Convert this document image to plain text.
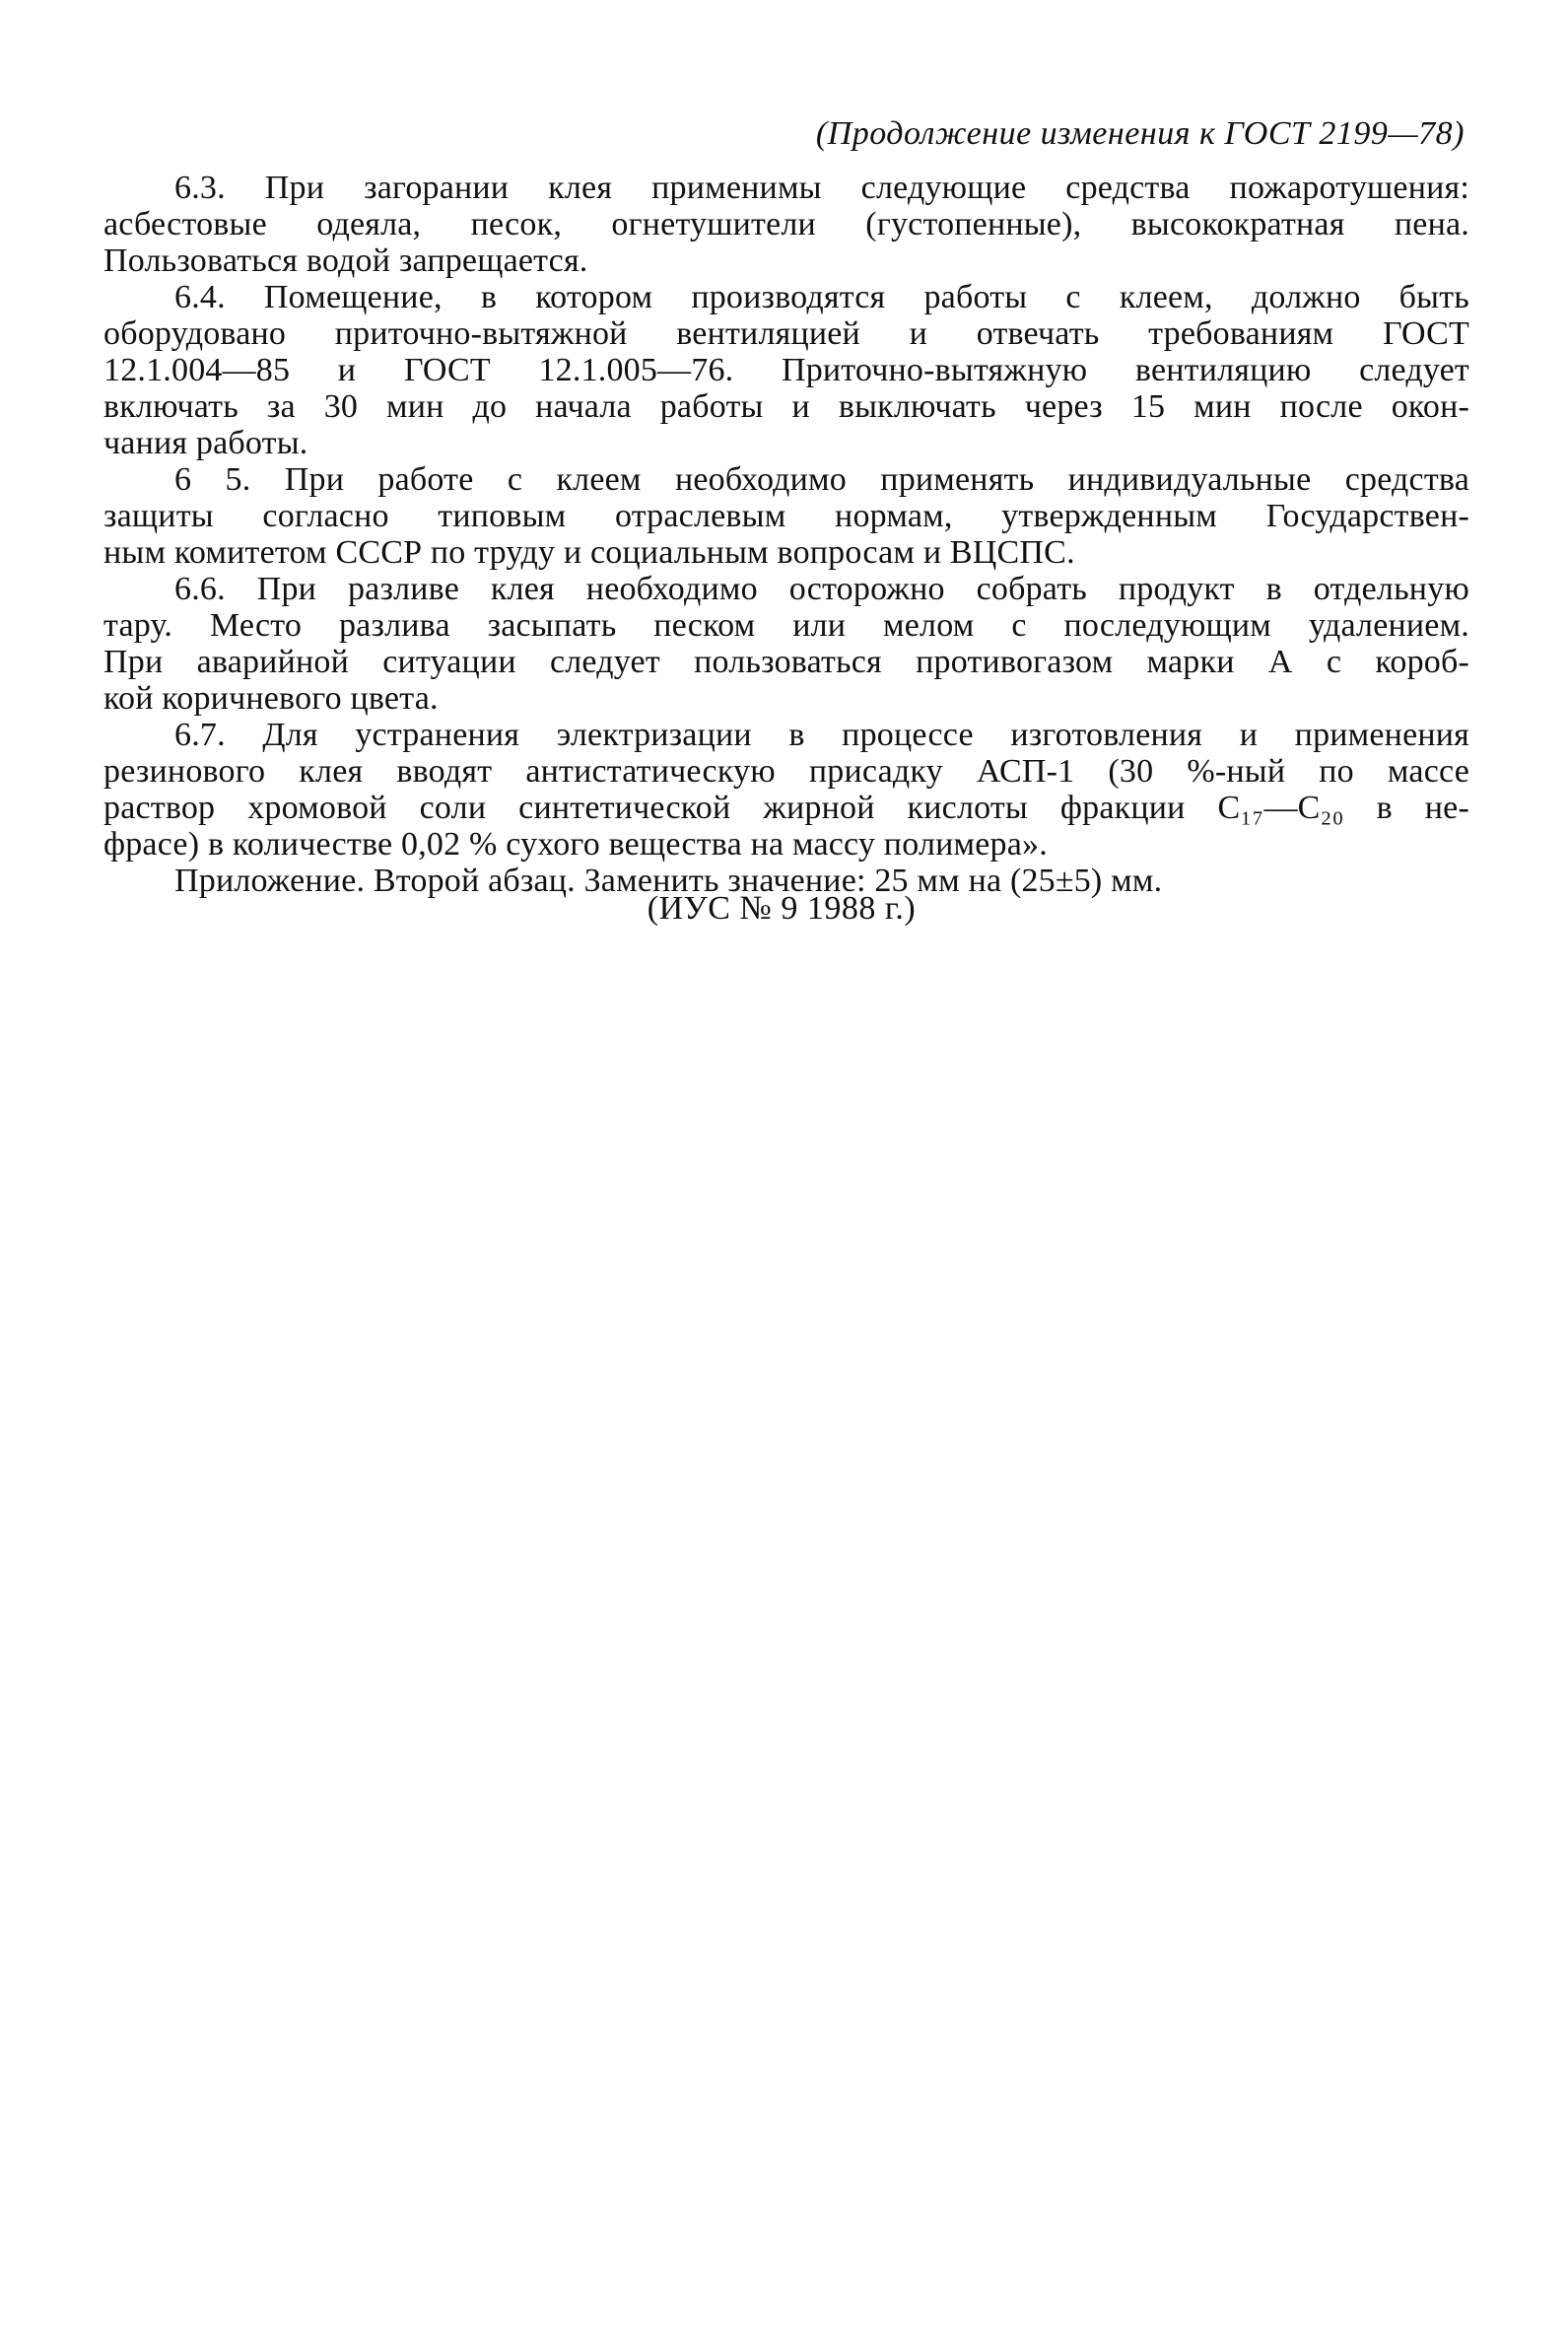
(Продолжение изменения к ГОСТ 2199—78)
6.3. При загорании клея применимы следующие средства пожаротушения:
асбестовые одеяла, песок, огнетушители (густопенные), высокократная пена.
Пользоваться водой запрещается.
6.4. Помещение, в котором производятся работы с клеем, должно быть
оборудовано приточно-вытяжной вентиляцией и отвечать требованиям ГОСТ
12.1.004—85 и ГОСТ 12.1.005—76. Приточно-вытяжную вентиляцию следует
включать за 30 мин до начала работы и выключать через 15 мин после окон-
чания работы.
6 5. При работе с клеем необходимо применять индивидуальные средства
защиты согласно типовым отраслевым нормам, утвержденным Государствен-
ным комитетом СССР по труду и социальным вопросам и ВЦСПС.
6.6. При разливе клея необходимо осторожно собрать продукт в отдельную
тару. Место разлива засыпать песком или мелом с последующим удалением.
При аварийной ситуации следует пользоваться противогазом марки А с короб-
кой коричневого цвета.
6.7. Для устранения электризации в процессе изготовления и применения
резинового клея вводят антистатическую присадку АСП-1 (30 %-ный по массе
раствор хромовой соли синтетической жирной кислоты фракции C₁₇—C₂₀ в не-
фрасе) в количестве 0,02 % сухого вещества на массу полимера».
Приложение. Второй абзац. Заменить значение: 25 мм на (25±5) мм.
(ИУС № 9 1988 г.)
